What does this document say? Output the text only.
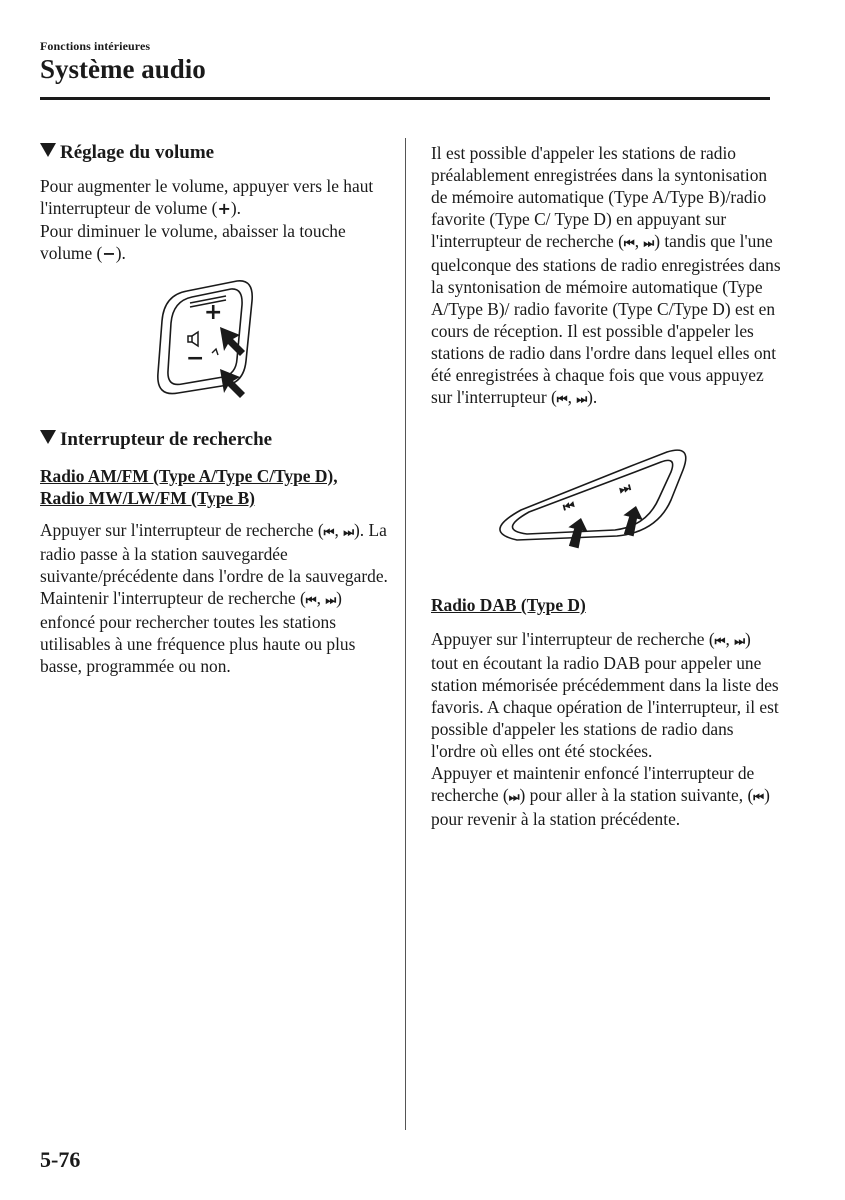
Fonctions intérieures
Système audio
Réglage du volume

Pour augmenter le volume, appuyer vers le haut l'interrupteur de volume (+).

Pour diminuer le volume, abaisser la touche volume (−).

+
−
Interrupteur de recherche

Radio AM/FM (Type A/Type C/Type D),

Radio MW/LW/FM (Type B)

Appuyer sur l'interrupteur de recherche (⏮, ⏭). La radio passe à la station sauvegardée suivante/précédente dans l'ordre de la sauvegarde.

Maintenir l'interrupteur de recherche (⏮, ⏭) enfoncé pour rechercher toutes les stations utilisables à une fréquence plus haute ou plus basse, programmée ou non.

Il est possible d'appeler les stations de radio préalablement enregistrées dans la syntonisation de mémoire automatique (Type A/Type B)/radio favorite (Type C/ Type D) en appuyant sur l'interrupteur de recherche (⏮, ⏭) tandis que l'une quelconque des stations de radio enregistrées dans la syntonisation de mémoire automatique (Type A/Type B)/ radio favorite (Type C/Type D) est en cours de réception. Il est possible d'appeler les stations de radio dans l'ordre dans lequel elles ont été enregistrées à chaque fois que vous appuyez sur l'interrupteur (⏮, ⏭).

⏮
⏭

Radio DAB (Type D)

Appuyer sur l'interrupteur de recherche (⏮, ⏭) tout en écoutant la radio DAB pour appeler une station mémorisée précédemment dans la liste des favoris. A chaque opération de l'interrupteur, il est possible d'appeler les stations de radio dans l'ordre où elles ont été stockées.

Appuyer et maintenir enfoncé l'interrupteur de recherche (⏭) pour aller à la station suivante, (⏮) pour revenir à la station précédente.

5-76
